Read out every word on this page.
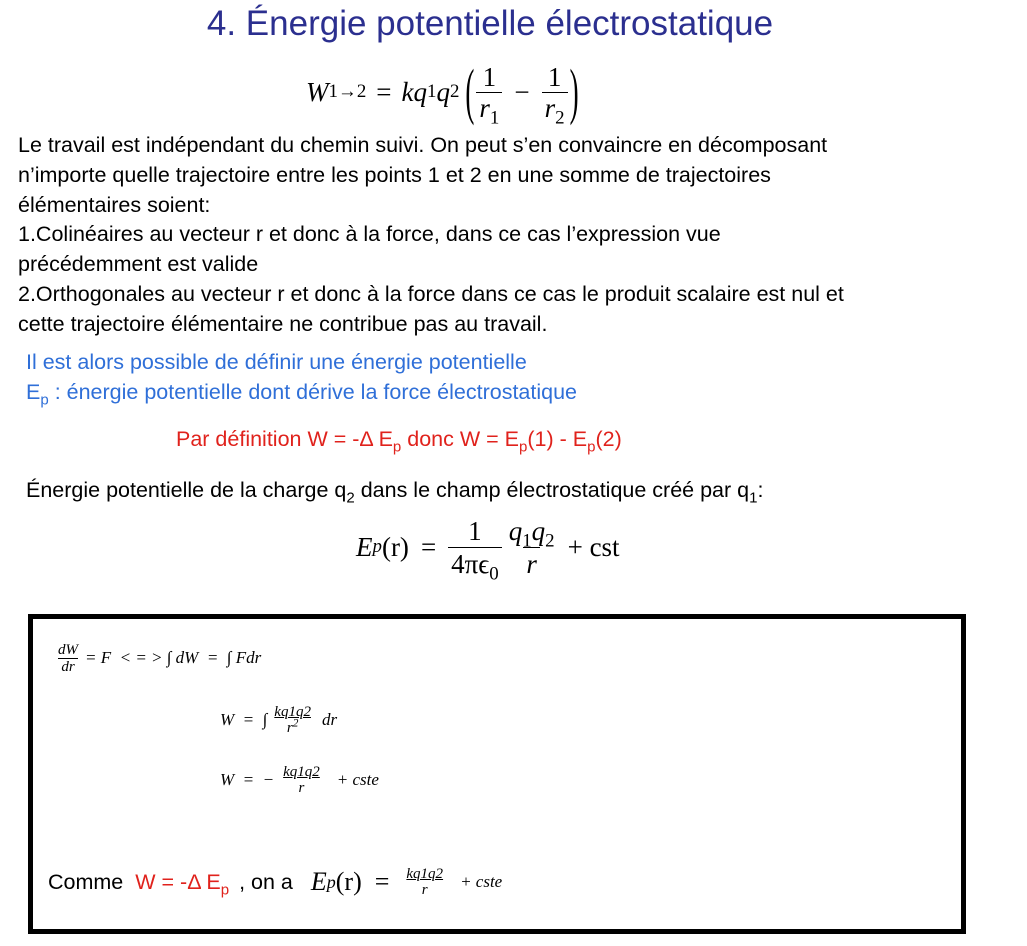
4. Énergie potentielle électrostatique
W 1→2 = kq 1 q 2 ( $\frac{1}{r_1} - \frac{1}{r_2}$ )
Le travail est indépendant du chemin suivi. On peut s’en convaincre en décomposant
n’importe quelle trajectoire entre les points 1 et 2 en une somme de trajectoires
élémentaires soient:
1.Colinéaires au vecteur r et donc à la force, dans ce cas l’expression vue
précédemment est valide
2.Orthogonales au vecteur r et donc à la force dans ce cas le produit scalaire est nul et
cette trajectoire élémentaire ne contribue pas au travail.
Il est alors possible de définir une énergie potentielle
$E_p$ : énergie potentielle dont dérive la force électrostatique
Par définition W = -Δ $E_p$ donc $W = E_p(1) - E_p(2)$
Énergie potentielle de la charge $q_2$ dans le champ électrostatique créé par $q_1$:
E p $(r) = \frac{1}{4\pi\epsilon_0} \frac{q_1q_2}{r}$ + cst
$\frac{dW}{dr} = F$  < = > ∫ dW  =  ∫ Fdr
W  =  ∫ $\frac{kq1q2}{r^2}$ dr
W  =  − $\frac{kq1q2}{r}$ + cste
Comme W = -Δ $E_p$ , on a E p $(r) = \frac{kq1q2}{r}$ + cste
